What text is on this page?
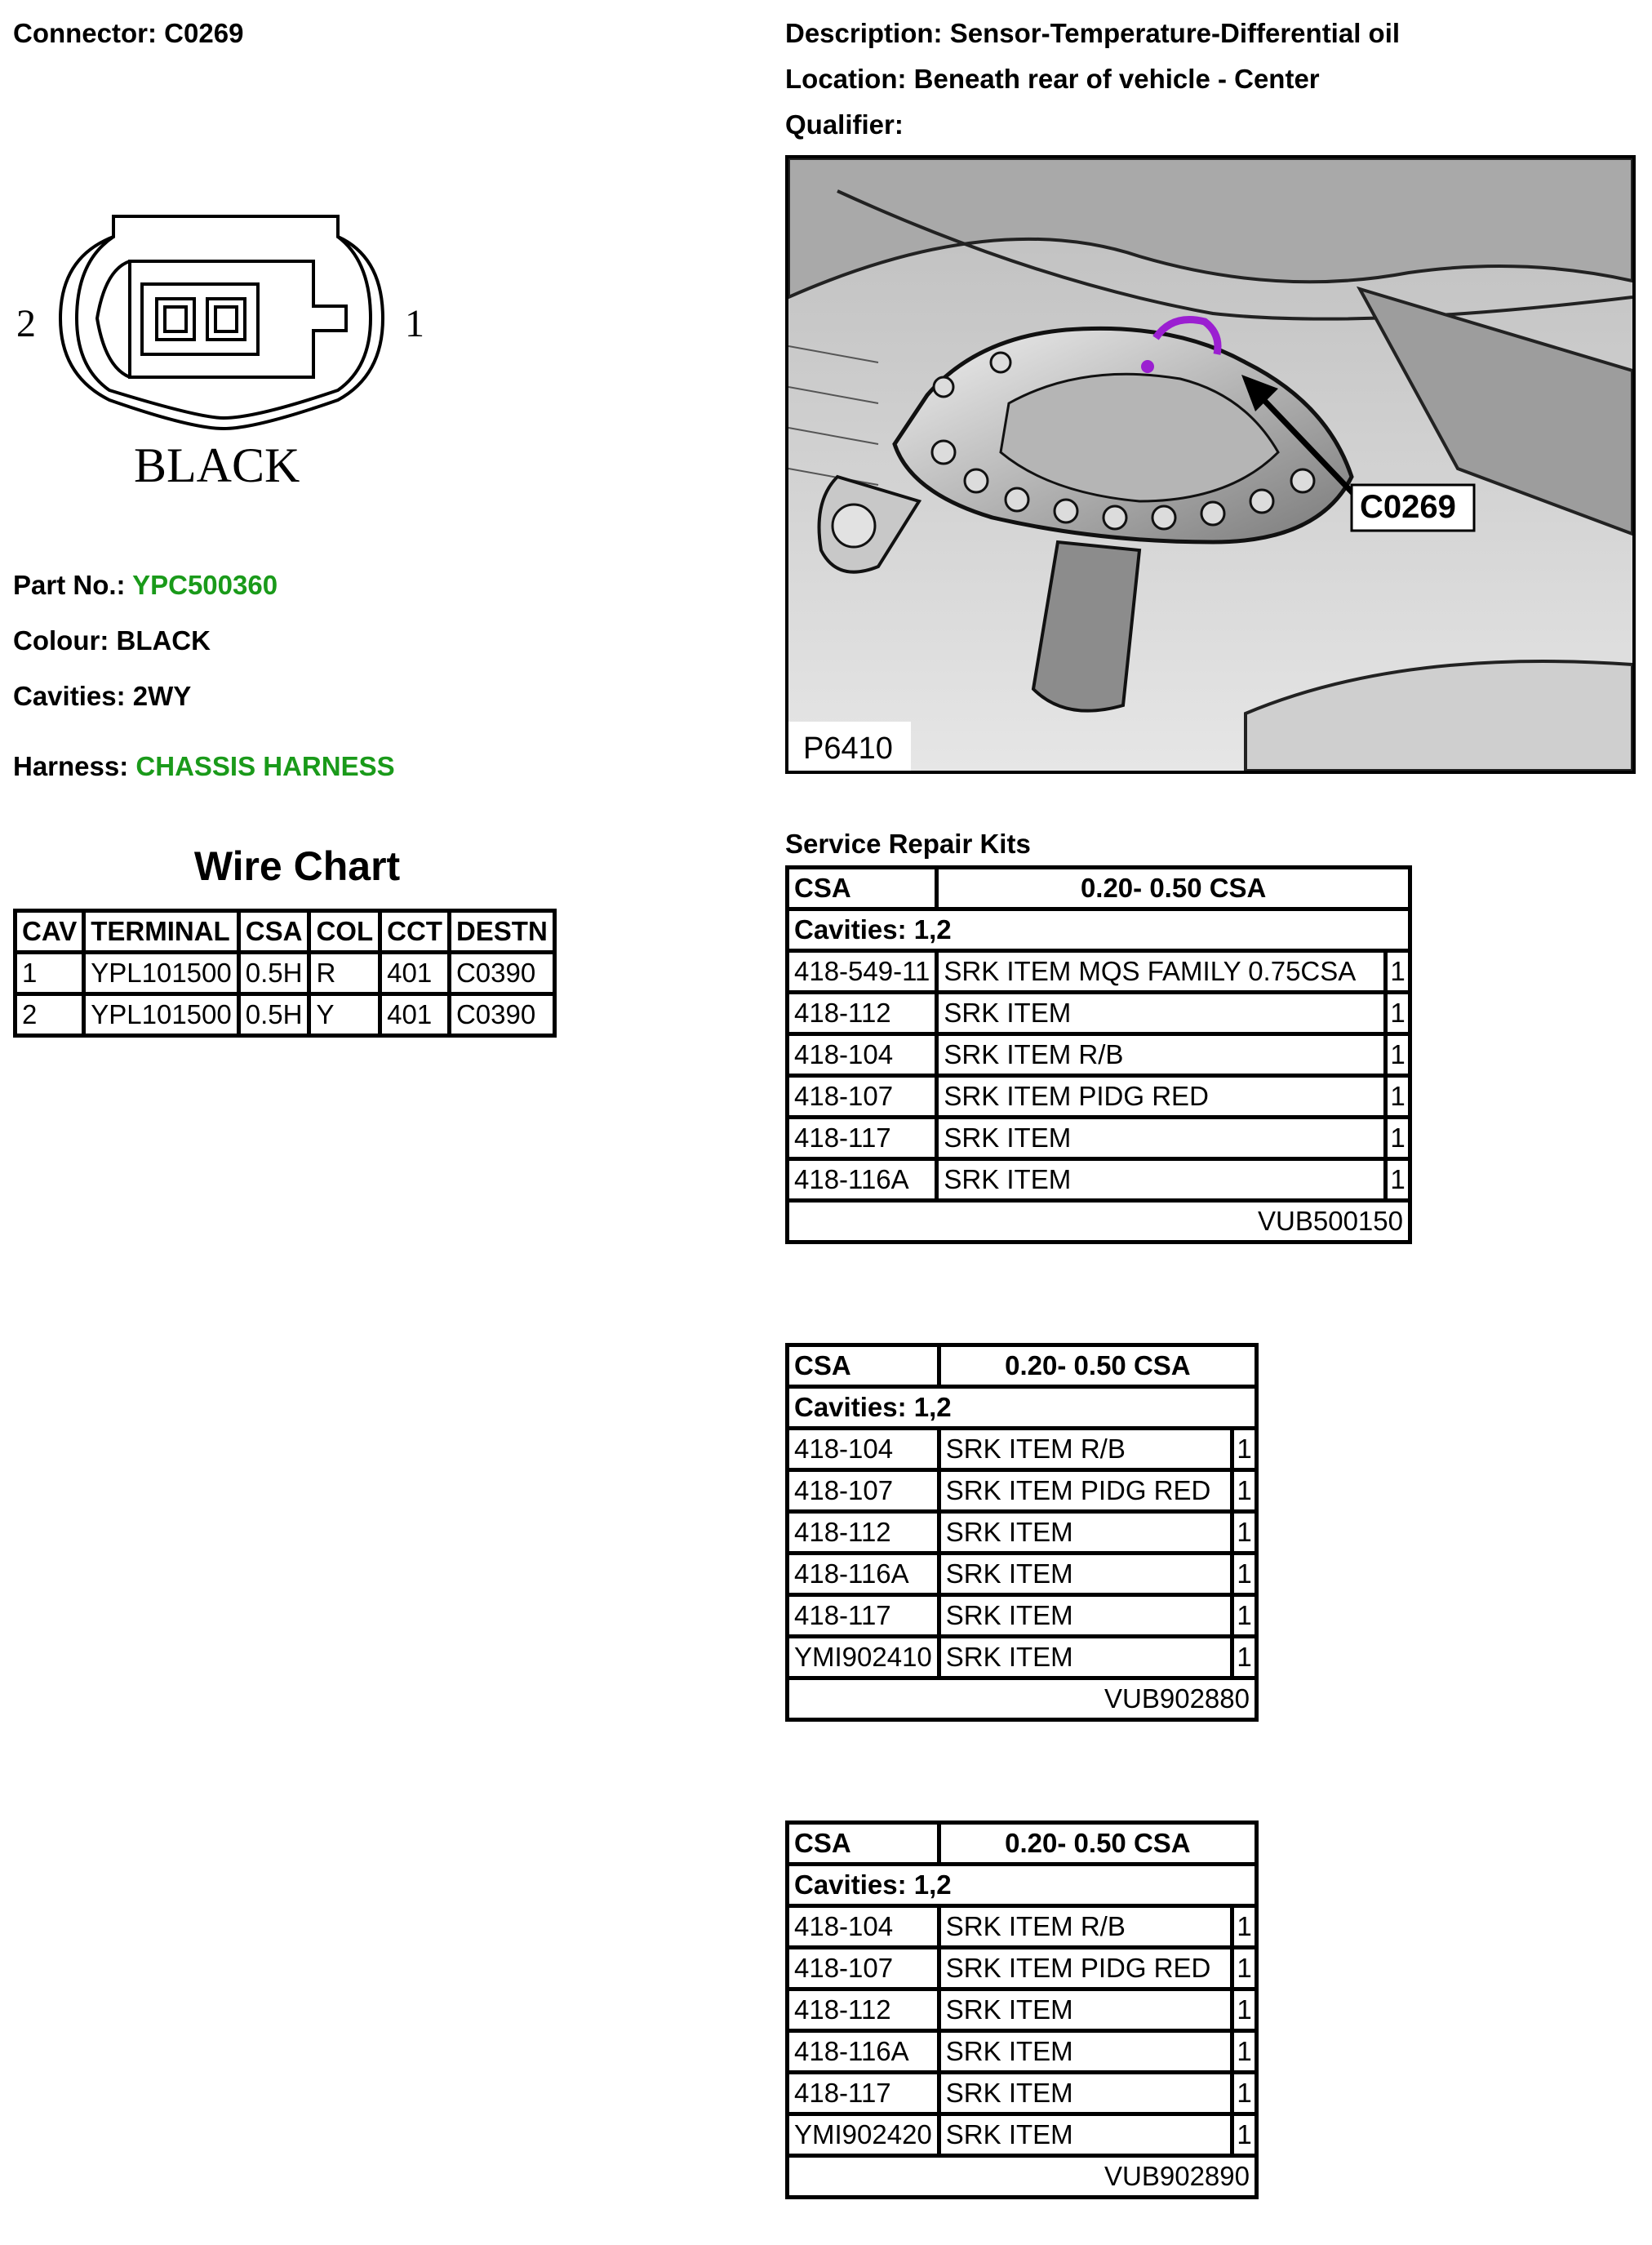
Connector: C0269	Description: Sensor-Temperature-Differential oil
Location: Beneath rear of vehicle - Center
Qualifier:
2	1
BLACK
Part No.: YPC500360
Colour: BLACK
Cavities: 2WY
Harness: CHASSIS HARNESS
Wire Chart
CAV	TERMINAL	CSA	COL	CCT	DESTN
1	YPL101500	0.5H	R	401	C0390
2	YPL101500	0.5H	Y	401	C0390
C0269
P6410
Service Repair Kits
CSA	0.20- 0.50 CSA	
Cavities: 1,2		
418-549-11	SRK ITEM MQS FAMILY 0.75CSA	1
418-112	SRK ITEM	1
418-104	SRK ITEM R/B	1
418-107	SRK ITEM PIDG RED	1
418-117	SRK ITEM	1
418-116A	SRK ITEM	1
VUB500150		
CSA	0.20- 0.50 CSA	
Cavities: 1,2		
418-104	SRK ITEM R/B	1
418-107	SRK ITEM PIDG RED	1
418-112	SRK ITEM	1
418-116A	SRK ITEM	1
418-117	SRK ITEM	1
YMI902410	SRK ITEM	1
VUB902880		
CSA	0.20- 0.50 CSA	
Cavities: 1,2		
418-104	SRK ITEM R/B	1
418-107	SRK ITEM PIDG RED	1
418-112	SRK ITEM	1
418-116A	SRK ITEM	1
418-117	SRK ITEM	1
YMI902420	SRK ITEM	1
VUB902890		
